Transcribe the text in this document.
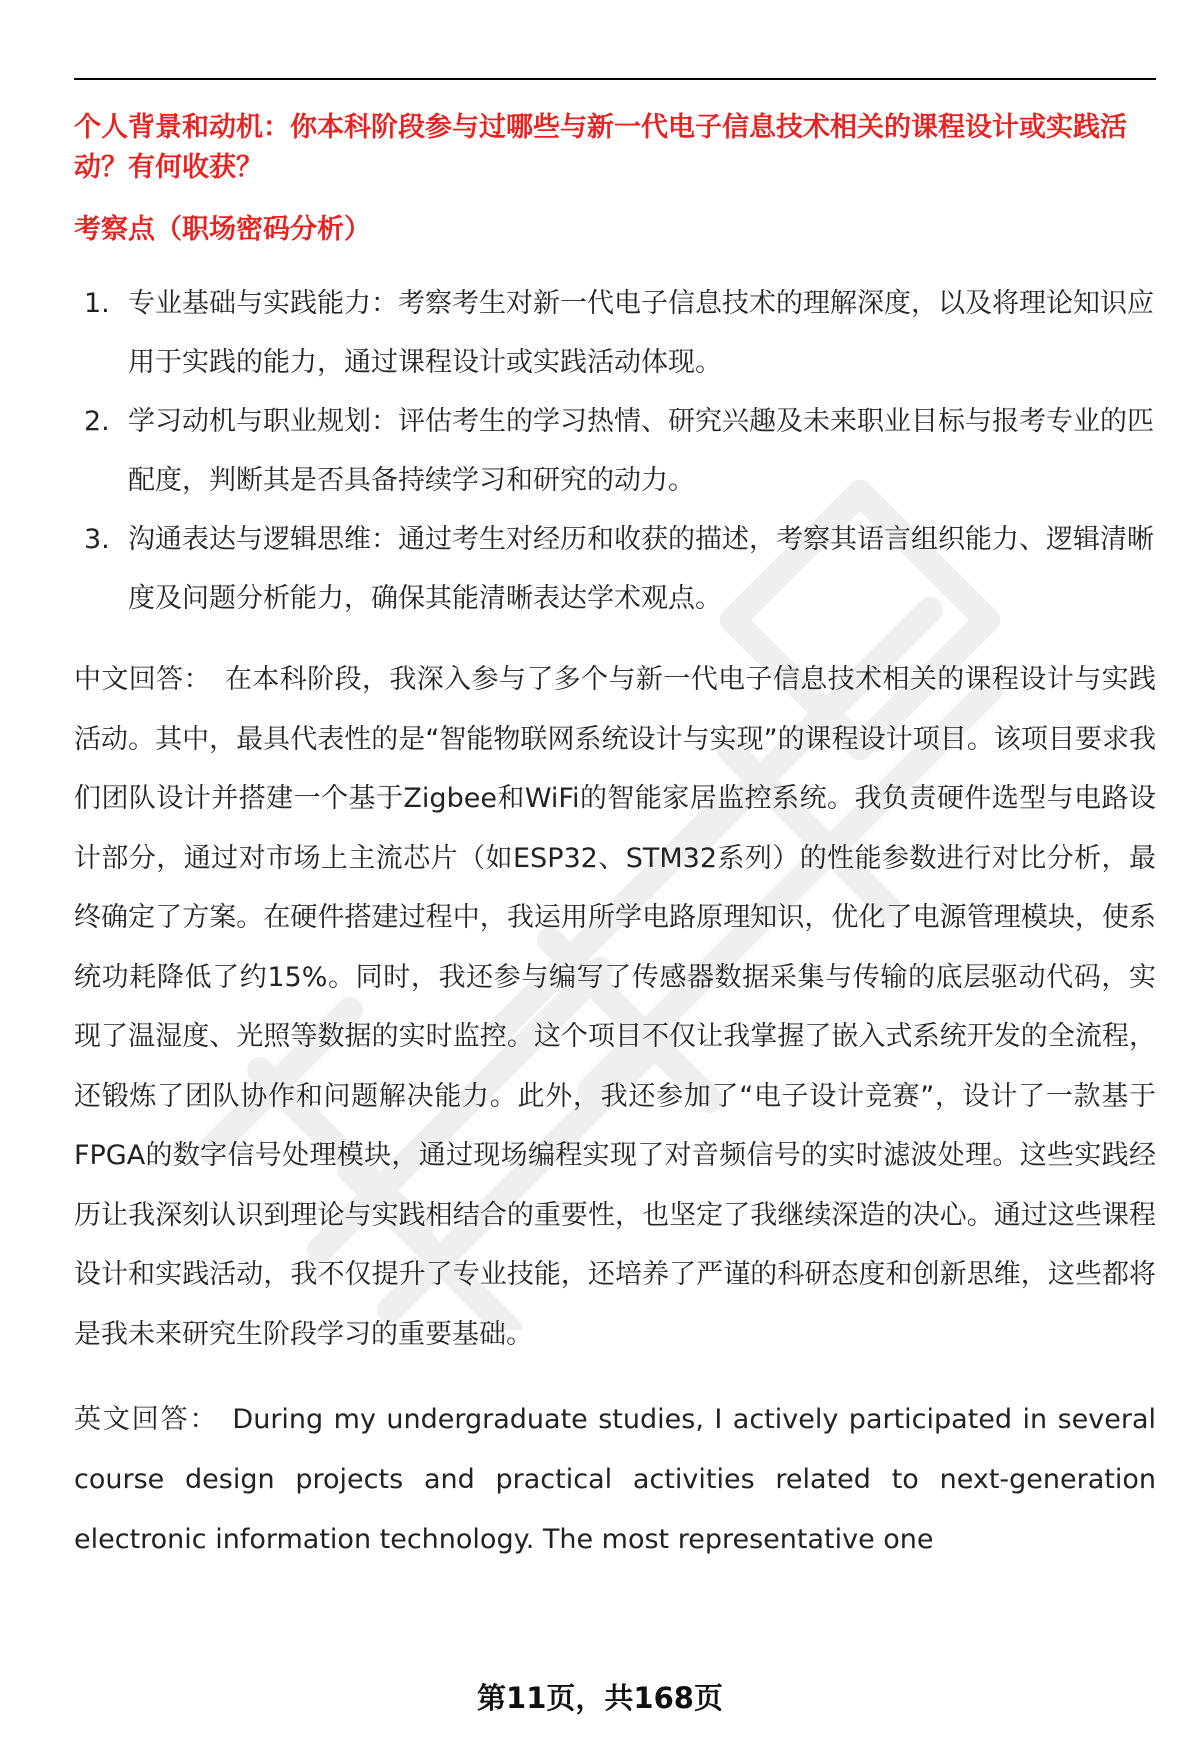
个人背景和动机：你本科阶段参与过哪些与新一代电子信息技术相关的课程设计或实践活动？有何收获？

考察点（职场密码分析）

1. 专业基础与实践能力：考察考生对新一代电子信息技术的理解深度，以及将理论知识应用于实践的能力，通过课程设计或实践活动体现。
2. 学习动机与职业规划：评估考生的学习热情、研究兴趣及未来职业目标与报考专业的匹配度，判断其是否具备持续学习和研究的动力。
3. 沟通表达与逻辑思维：通过考生对经历和收获的描述，考察其语言组织能力、逻辑清晰度及问题分析能力，确保其能清晰表达学术观点。

中文回答： 在本科阶段，我深入参与了多个与新一代电子信息技术相关的课程设计与实践活动。其中，最具代表性的是“智能物联网系统设计与实现”的课程设计项目。该项目要求我们团队设计并搭建一个基于Zigbee和WiFi的智能家居监控系统。我负责硬件选型与电路设计部分，通过对市场上主流芯片（如ESP32、STM32系列）的性能参数进行对比分析，最终确定了方案。在硬件搭建过程中，我运用所学电路原理知识，优化了电源管理模块，使系统功耗降低了约15%。同时，我还参与编写了传感器数据采集与传输的底层驱动代码，实现了温湿度、光照等数据的实时监控。这个项目不仅让我掌握了嵌入式系统开发的全流程，还锻炼了团队协作和问题解决能力。此外，我还参加了“电子设计竞赛”，设计了一款基于FPGA的数字信号处理模块，通过现场编程实现了对音频信号的实时滤波处理。这些实践经历让我深刻认识到理论与实践相结合的重要性，也坚定了我继续深造的决心。通过这些课程设计和实践活动，我不仅提升了专业技能，还培养了严谨的科研态度和创新思维，这些都将是我未来研究生阶段学习的重要基础。

英文回答： During my undergraduate studies, I actively participated in several course design projects and practical activities related to next-generation electronic information technology. The most representative one

第11页，共168页
